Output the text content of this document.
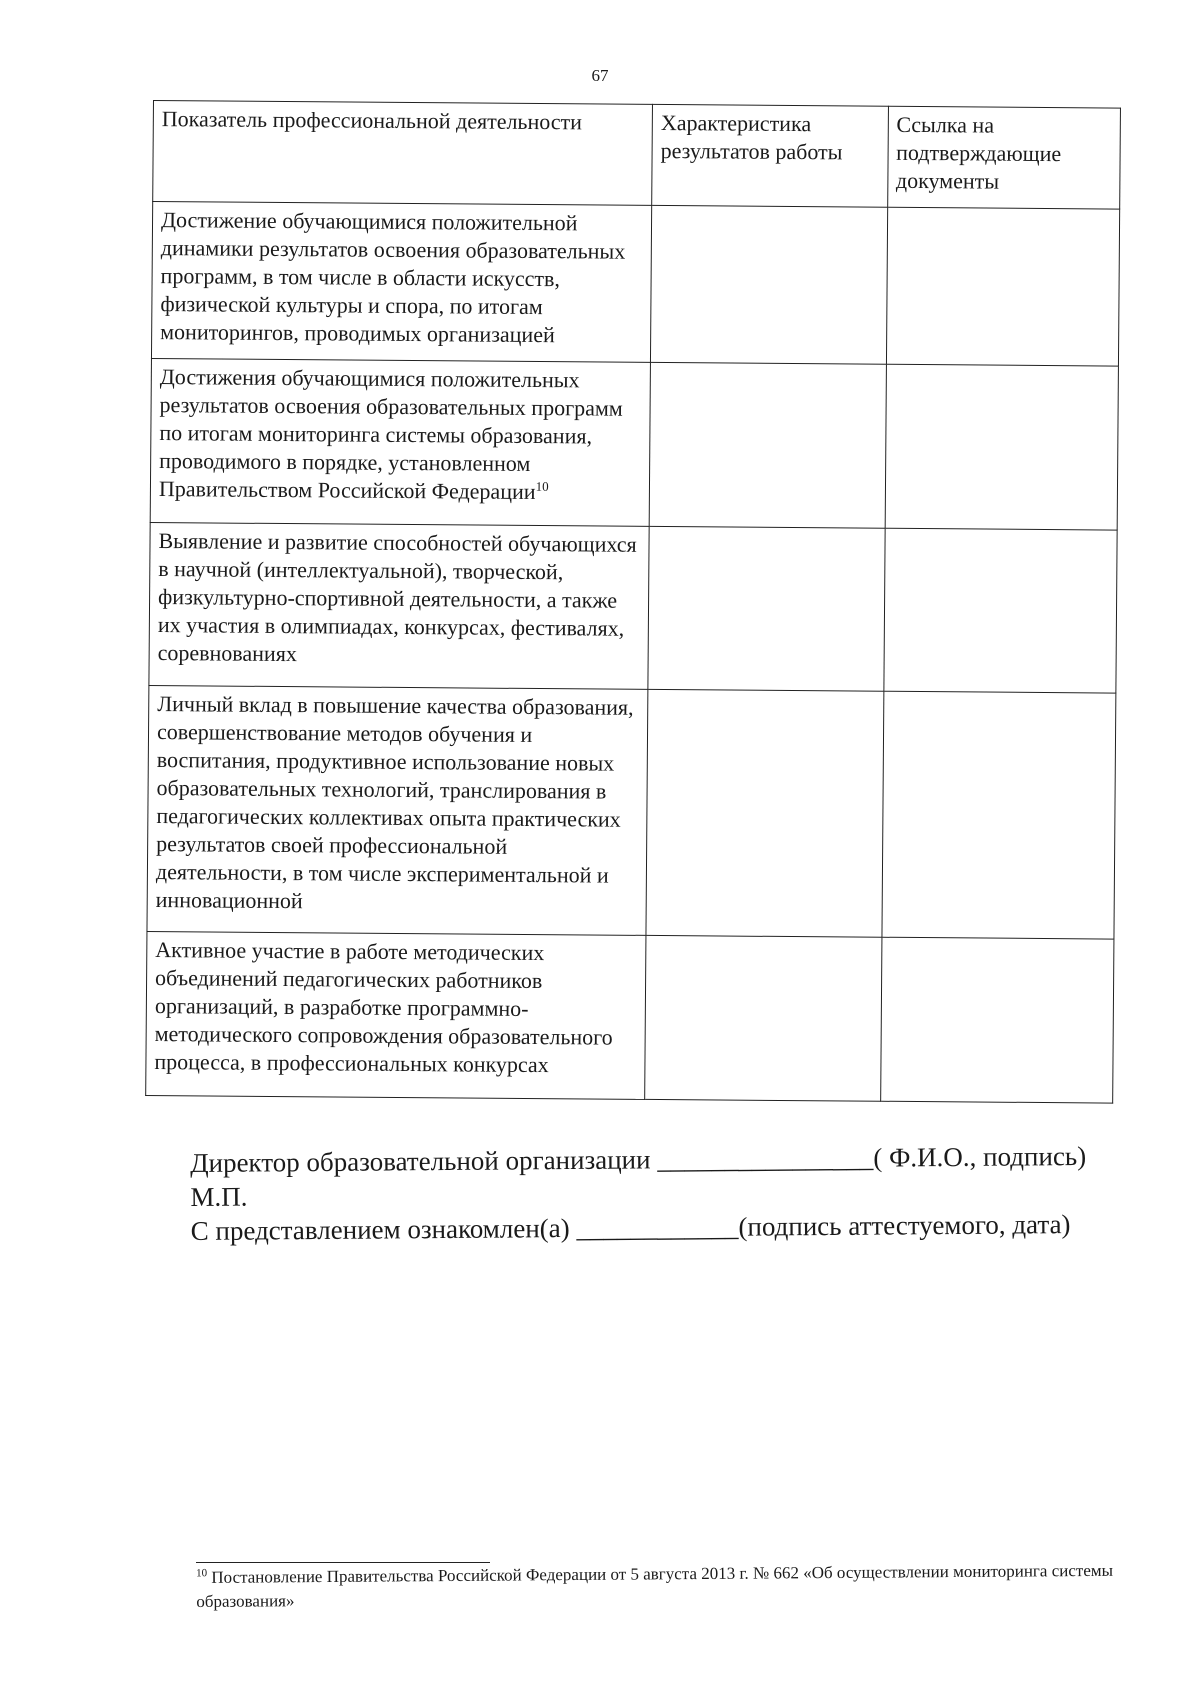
67
Показатель профессиональной деятельности	Характеристика результатов работы	Ссылка на подтверждающие документы
Достижение обучающимися положительной динамики результатов освоения образовательных программ, в том числе в области искусств, физической культуры и спора, по итогам мониторингов, проводимых организацией		
Достижения обучающимися положительных результатов освоения образовательных программ по итогам мониторинга системы образования, проводимого в порядке, установленном Правительством Российской Федерации$^{10}$		
Выявление и развитие способностей обучающихся в научной (интеллектуальной), творческой, физкультурно-спортивной деятельности, а также их участия в олимпиадах, конкурсах, фестивалях, соревнованиях		
Личный вклад в повышение качества образования, совершенствование методов обучения и воспитания, продуктивное использование новых образовательных технологий, транслирования в педагогических коллективах опыта практических результатов своей профессиональной деятельности, в том числе экспериментальной и инновационной		
Активное участие в работе методических объединений педагогических работников организаций, в разработке программно-методического сопровождения образовательного процесса, в профессиональных конкурсах		
Директор образовательной организации ________________( Ф.И.О., подпись)
М.П.
С представлением ознакомлен(а) ____________(подпись аттестуемого, дата)
$^{10}$ Постановление Правительства Российской Федерации от 5 августа 2013 г. № 662 «Об осуществлении мониторинга системы образования»
